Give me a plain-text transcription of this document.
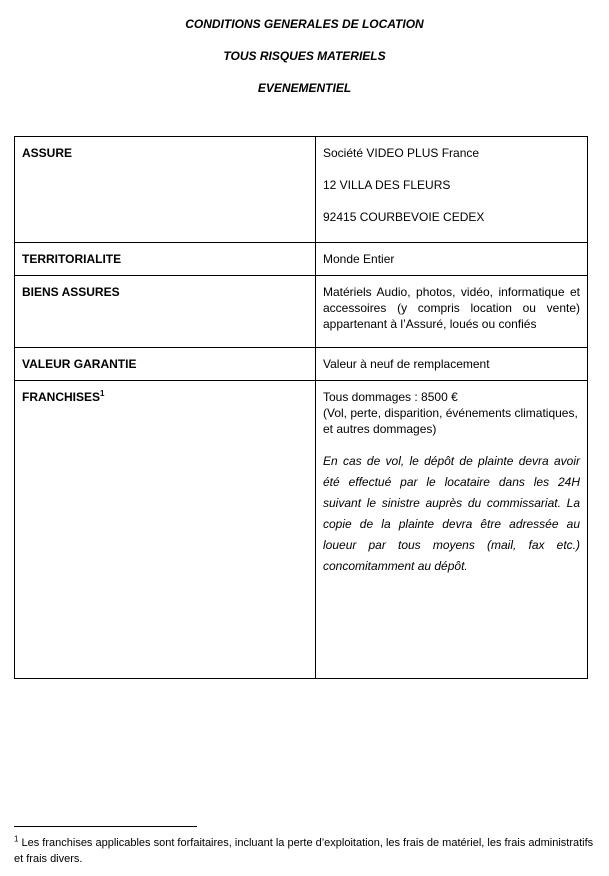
CONDITIONS GENERALES DE LOCATION
TOUS RISQUES MATERIELS
EVENEMENTIEL
ASSURE	Société VIDEO PLUS France

12 VILLA DES FLEURS

92415 COURBEVOIE CEDEX

TERRITORIALITE	Monde Entier
BIENS ASSURES	Matériels Audio, photos, vidéo, informatique et accessoires (y compris location ou vente) appartenant à l’Assuré, loués ou confiés
VALEUR GARANTIE	Valeur à neuf de remplacement
FRANCHISES$^1$	Tous dommages : 8500 €
(Vol, perte, disparition, événements climatiques, et autres dommages)

En cas de vol, le dépôt de plainte devra avoir été effectué par le locataire dans les 24H suivant le sinistre auprès du commissariat. La copie de la plainte devra être adressée au loueur par tous moyens (mail, fax etc.) concomitamment au dépôt.

$^1$ Les franchises applicables sont forfaitaires, incluant la perte d’exploitation, les frais de matériel, les frais administratifs et frais divers.
